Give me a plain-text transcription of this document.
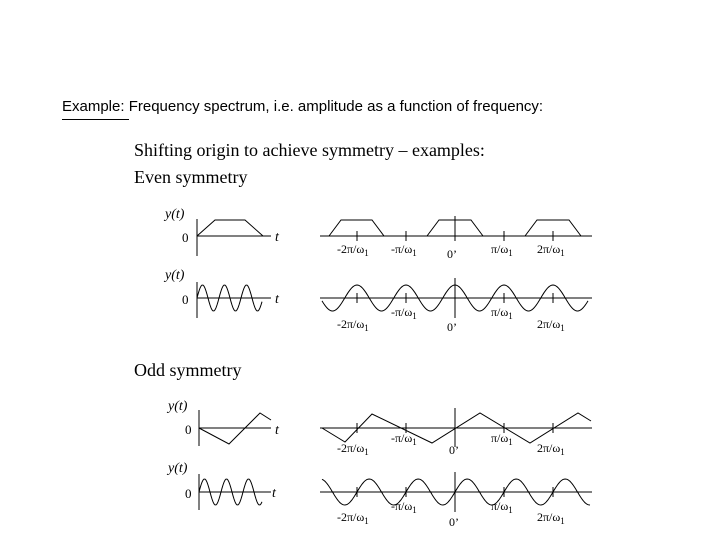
Example:
Frequency spectrum, i.e. amplitude as a function of frequency:
Shifting origin to achieve symmetry – examples:
Even symmetry
Odd symmetry
y(t)
0	t
$-2\pi/\omega_1$ $-\pi/\omega_1$	0’	$\pi/\omega_1$ $2\pi/\omega_1$
y(t)
0	t
$-2\pi/\omega_1$
$-\pi/\omega_1$
0’
$\pi/\omega_1$
$2\pi/\omega_1$
y(t)
0	t
$-2\pi/\omega_1$
$-\pi/\omega_1$
0’
$\pi/\omega_1$ $2\pi/\omega_1$
y(t)
0	t
$-2\pi/\omega_1$
$-\pi/\omega_1$
0’
$\pi/\omega_1$ $2\pi/\omega_1$
